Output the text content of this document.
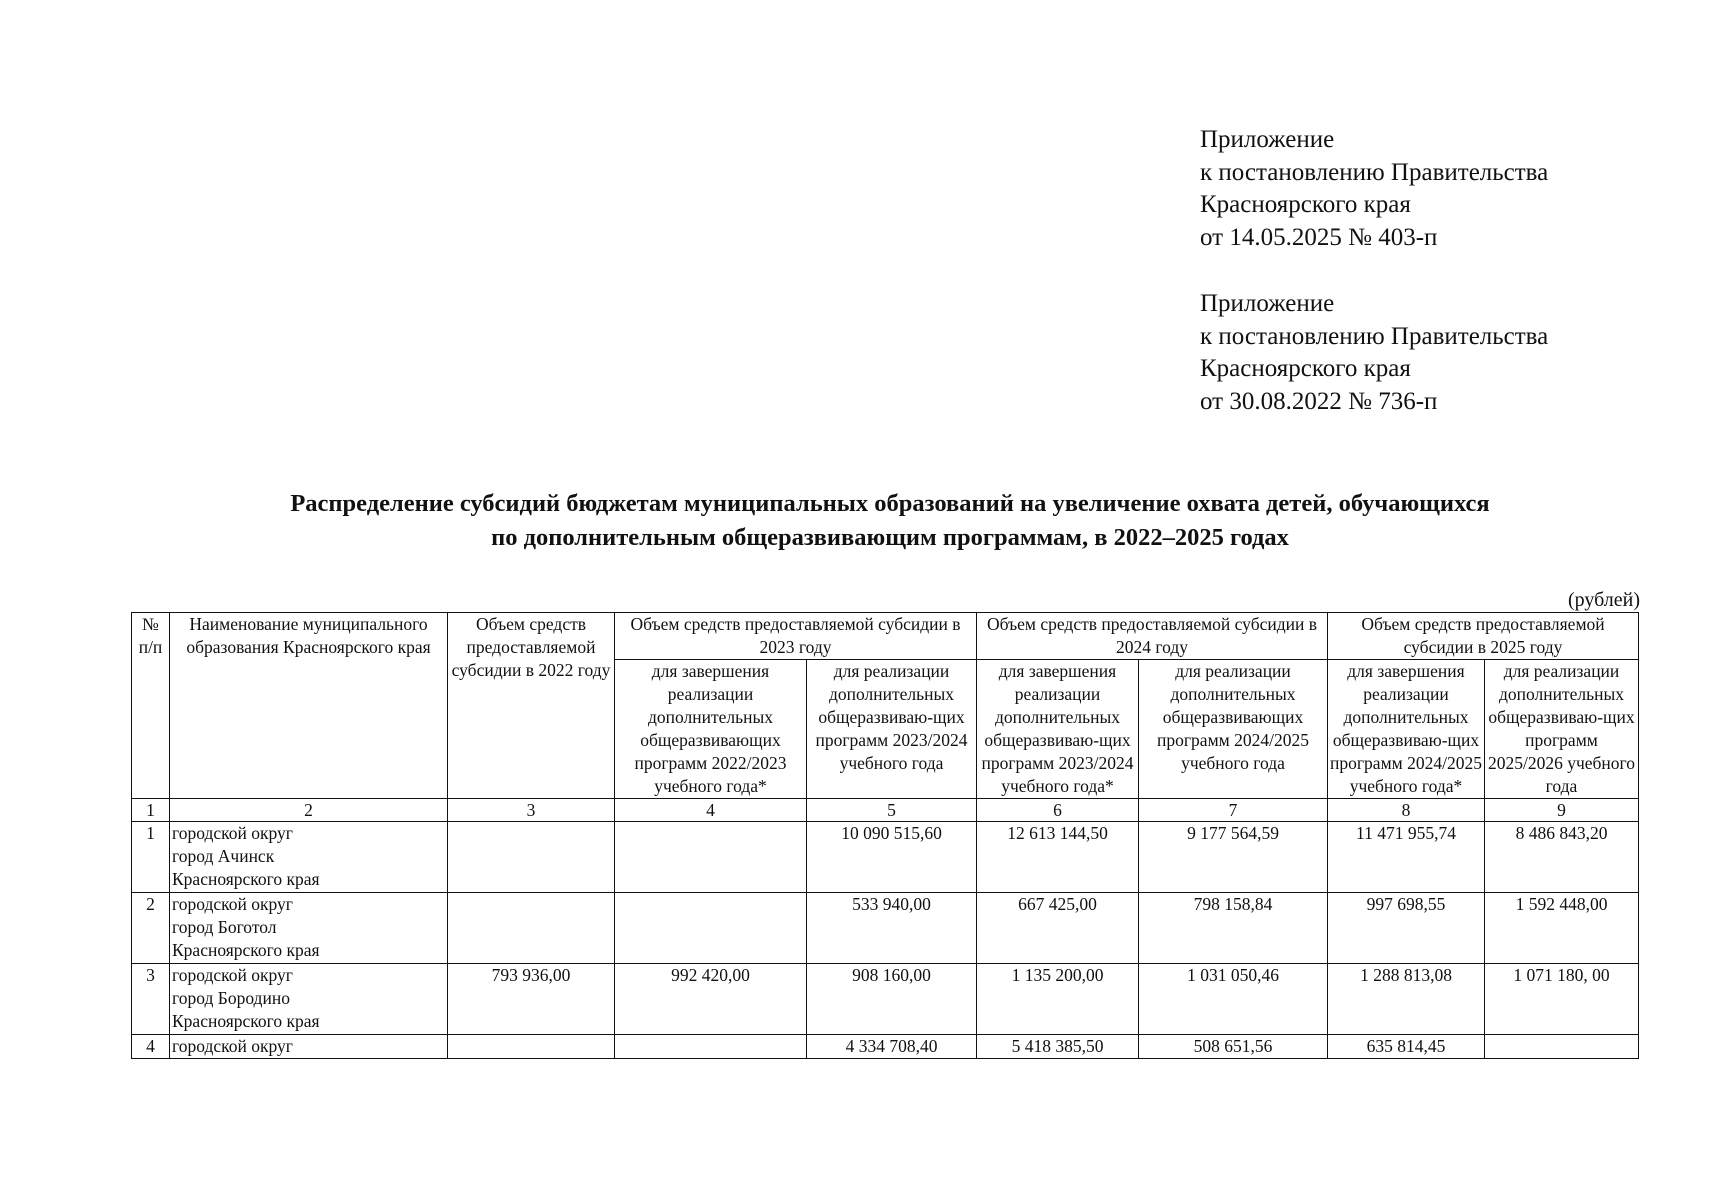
Приложение
к постановлению Правительства
Красноярского края
от 14.05.2025 № 403-п
Приложение
к постановлению Правительства
Красноярского края
от 30.08.2022 № 736-п
Распределение субсидий бюджетам муниципальных образований на увеличение охвата детей, обучающихся
по дополнительным общеразвивающим программам, в 2022–2025 годах
(рублей)
№ п/п	Наименование муниципального образования Красноярского края	Объем средств предоставляемой субсидии в 2022 году	Объем средств предоставляемой субсидии в 2023 году		Объем средств предоставляемой субсидии в 2024 году		Объем средств предоставляемой субсидии в 2025 году	
			для завершения реализации дополнительных общеразвивающих программ 2022/2023 учебного года*	для реализации дополнительных общеразвиваю-щих программ 2023/2024 учебного года	для завершения реализации дополнительных общеразвиваю-щих программ 2023/2024 учебного года*	для реализации дополнительных общеразвивающих программ 2024/2025 учебного года	для завершения реализации дополнительных общеразвиваю-щих программ 2024/2025 учебного года*	для реализации дополнительных общеразвиваю-щих программ 2025/2026 учебного года
1	2	3	4	5	6	7	8	9
1	городской округ
город Ачинск
Красноярского края			10 090 515,60	12 613 144,50	9 177 564,59	11 471 955,74	8 486 843,20
2	городской округ
город Боготол
Красноярского края			533 940,00	667 425,00	798 158,84	997 698,55	1 592 448,00
3	городской округ
город Бородино
Красноярского края	793 936,00	992 420,00	908 160,00	1 135 200,00	1 031 050,46	1 288 813,08	1 071 180, 00
4	городской округ			4 334 708,40	5 418 385,50	508 651,56	635 814,45	
